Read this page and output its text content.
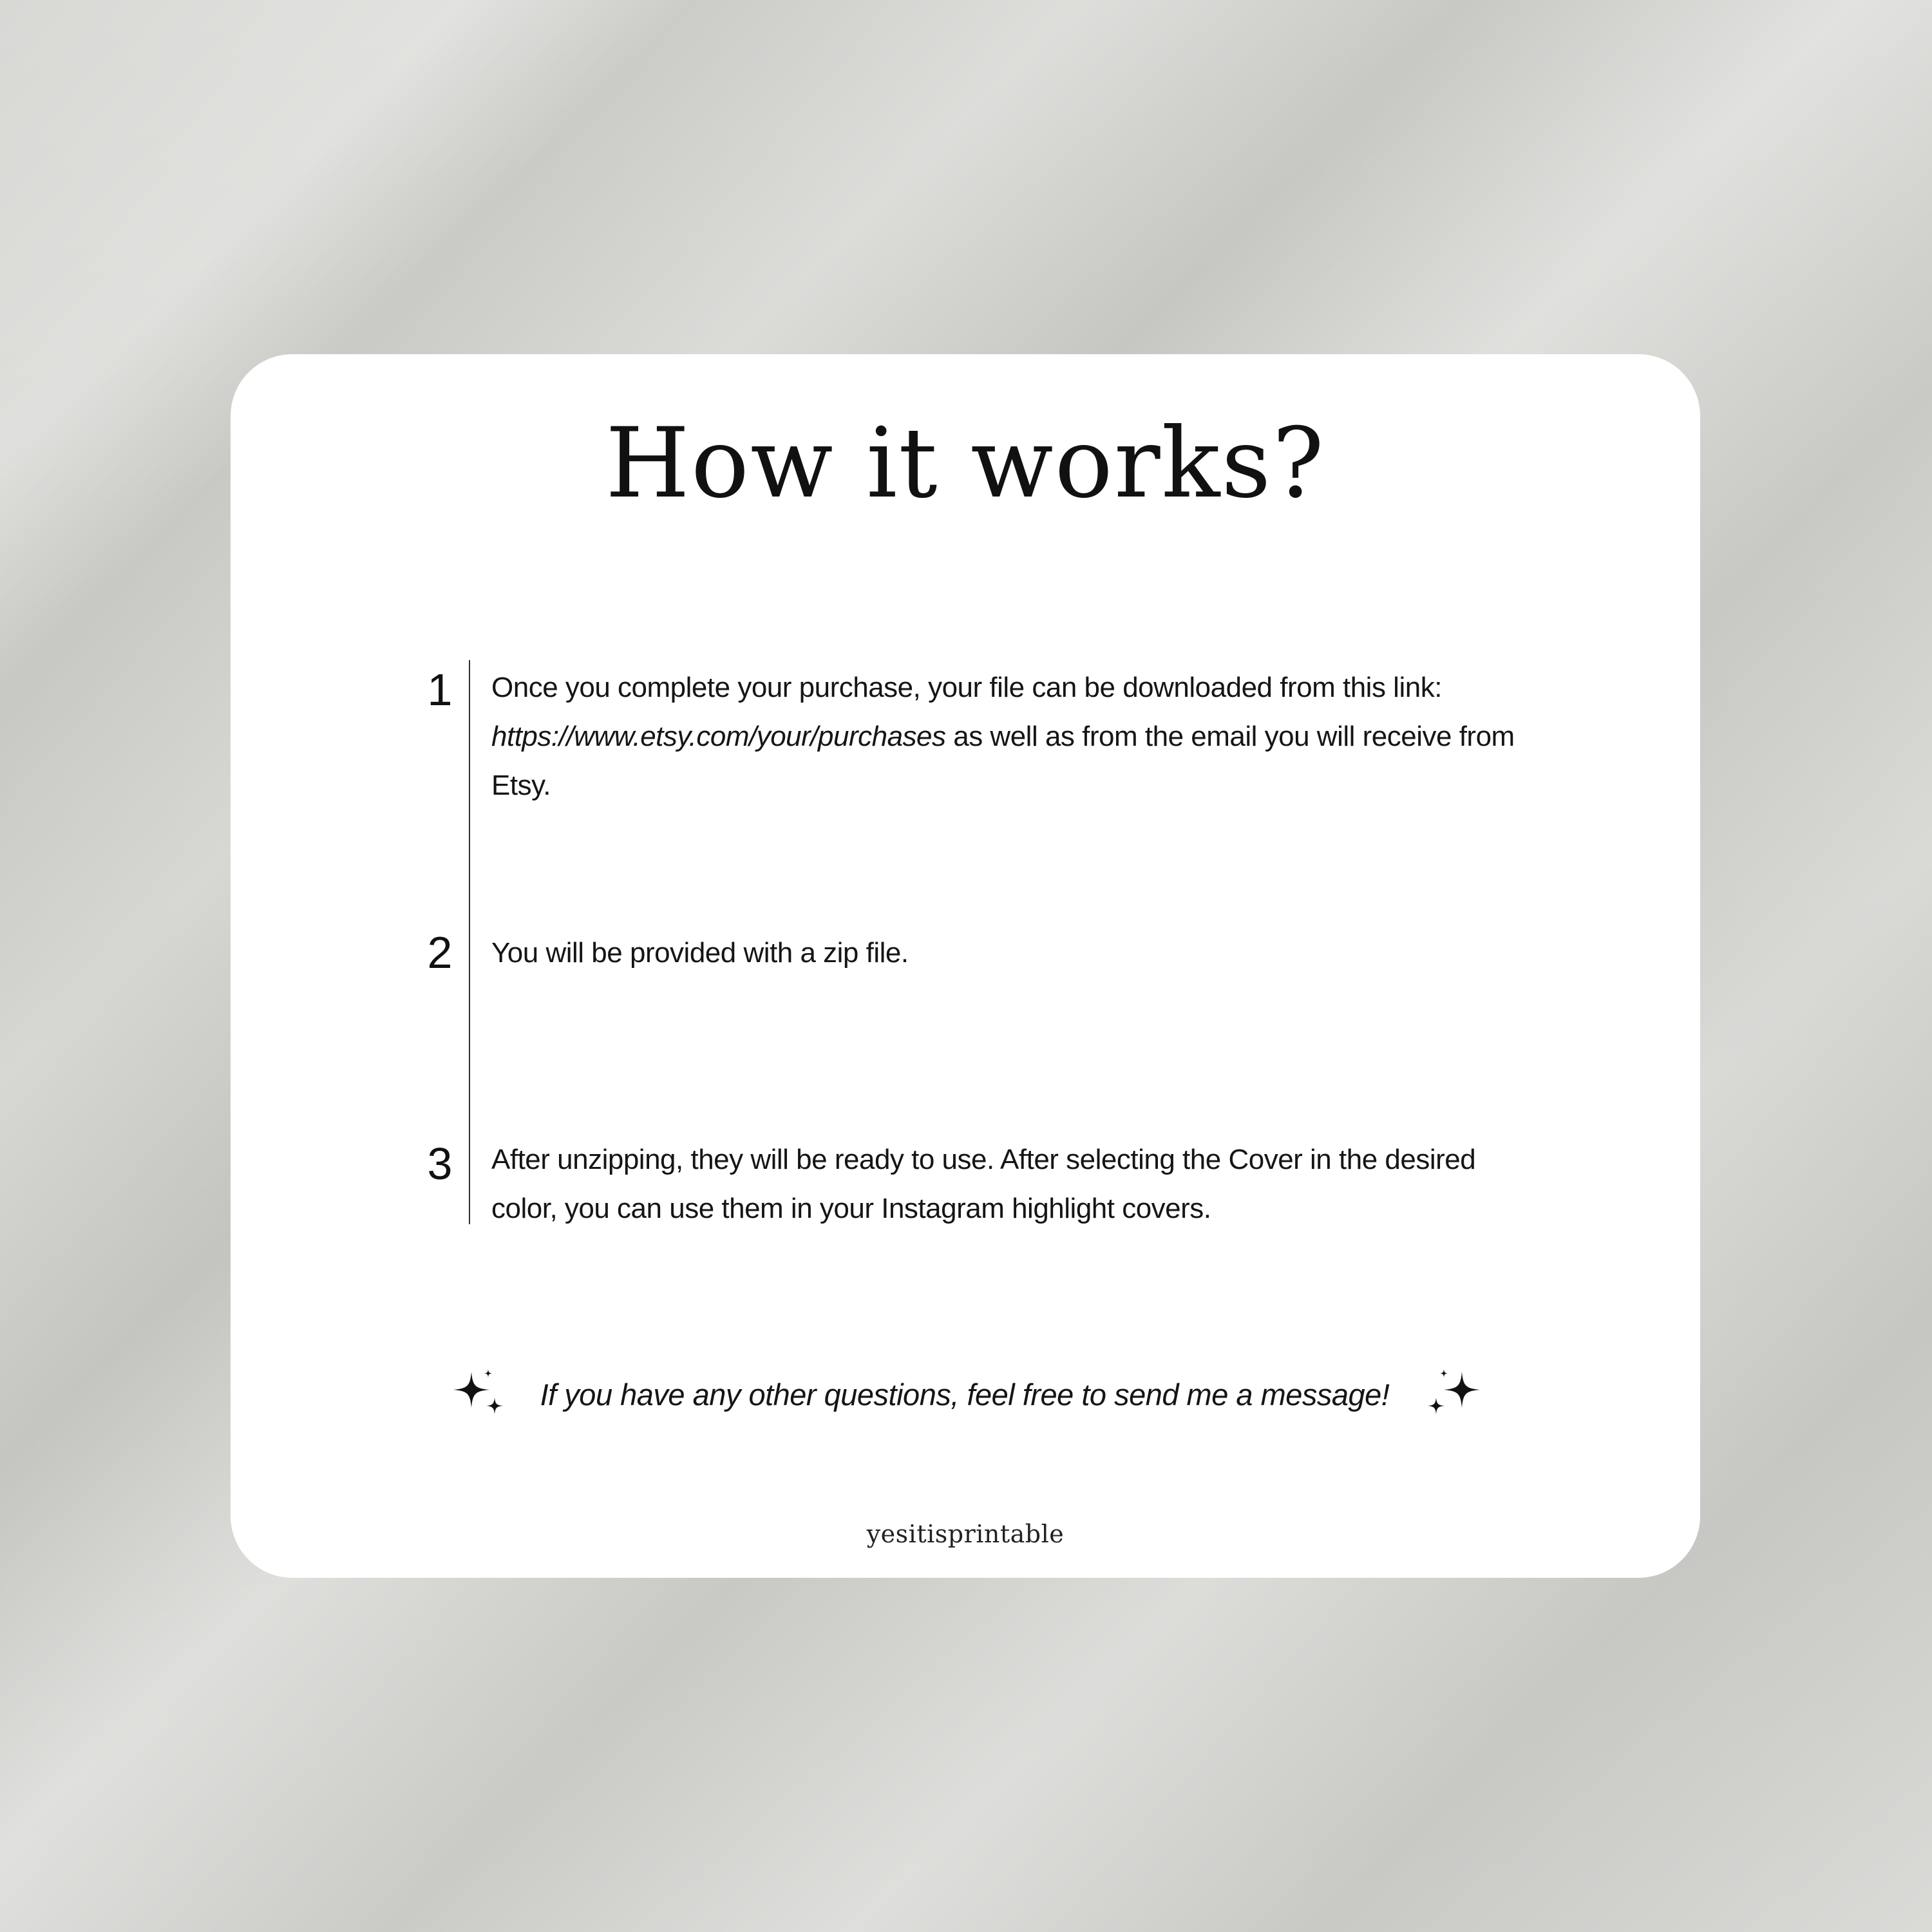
How it works?
1 Once you complete your purchase, your file can be downloaded from this link: https://www.etsy.com/your/purchases as well as from the email you will receive from Etsy.
2 You will be provided with a zip file.
3 After unzipping, they will be ready to use. After selecting the Cover in the desired color, you can use them in your Instagram highlight covers.
If you have any other questions, feel free to send me a message!
yesitisprintable
